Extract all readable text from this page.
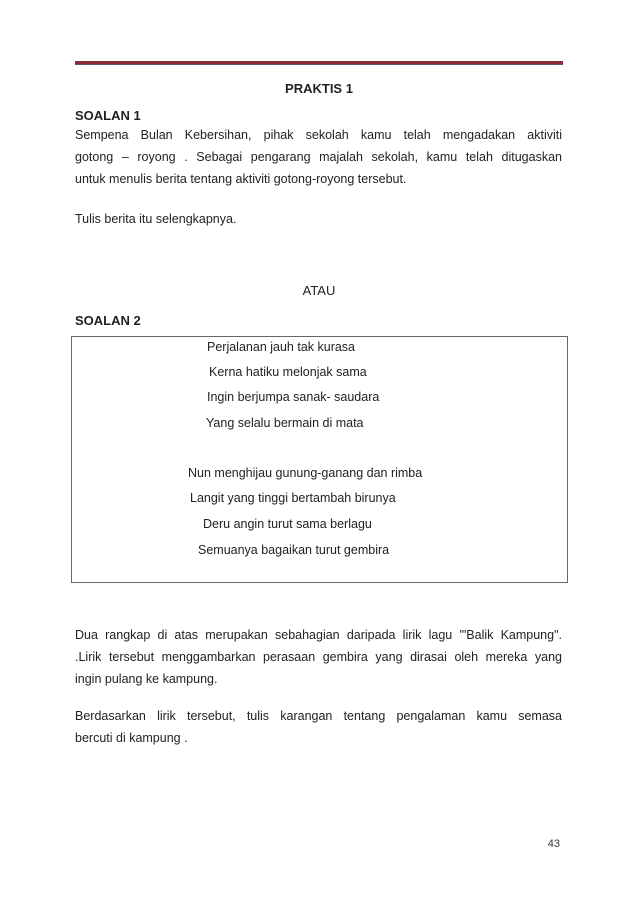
PRAKTIS 1
SOALAN 1
Sempena Bulan Kebersihan, pihak sekolah kamu telah mengadakan aktiviti
gotong – royong . Sebagai pengarang majalah sekolah, kamu telah ditugaskan
untuk menulis berita tentang aktiviti gotong-royong tersebut.
Tulis berita itu selengkapnya.
ATAU
SOALAN 2
Perjalanan jauh tak kurasa
Kerna hatiku melonjak sama
Ingin berjumpa sanak- saudara
Yang selalu bermain di mata
Nun menghijau gunung-ganang dan rimba
Langit yang tinggi bertambah birunya
Deru angin turut sama berlagu
Semuanya bagaikan turut gembira
Dua rangkap di atas merupakan sebahagian daripada lirik lagu '"Balik Kampung".
.Lirik tersebut menggambarkan perasaan gembira yang dirasai oleh mereka yang
ingin pulang ke kampung.
Berdasarkan lirik tersebut, tulis karangan tentang pengalaman kamu semasa
bercuti di kampung .
43
